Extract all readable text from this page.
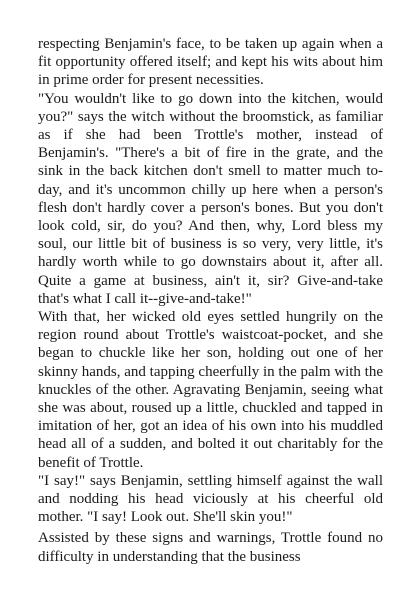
respecting Benjamin's face, to be taken up again when a fit opportunity offered itself; and kept his wits about him in prime order for present necessities.

"You wouldn't like to go down into the kitchen, would you?" says the witch without the broomstick, as familiar as if she had been Trottle's mother, instead of Benjamin's. "There's a bit of fire in the grate, and the sink in the back kitchen don't smell to matter much to-day, and it's uncommon chilly up here when a person's flesh don't hardly cover a person's bones. But you don't look cold, sir, do you? And then, why, Lord bless my soul, our little bit of business is so very, very little, it's hardly worth while to go downstairs about it, after all. Quite a game at business, ain't it, sir? Give-and-take that's what I call it--give-and-take!"

With that, her wicked old eyes settled hungrily on the region round about Trottle's waistcoat-pocket, and she began to chuckle like her son, holding out one of her skinny hands, and tapping cheerfully in the palm with the knuckles of the other. Agravating Benjamin, seeing what she was about, roused up a little, chuckled and tapped in imitation of her, got an idea of his own into his muddled head all of a sudden, and bolted it out charitably for the benefit of Trottle.

"I say!" says Benjamin, settling himself against the wall and nodding his head viciously at his cheerful old mother. "I say! Look out. She'll skin you!"

Assisted by these signs and warnings, Trottle found no difficulty in understanding that the business
